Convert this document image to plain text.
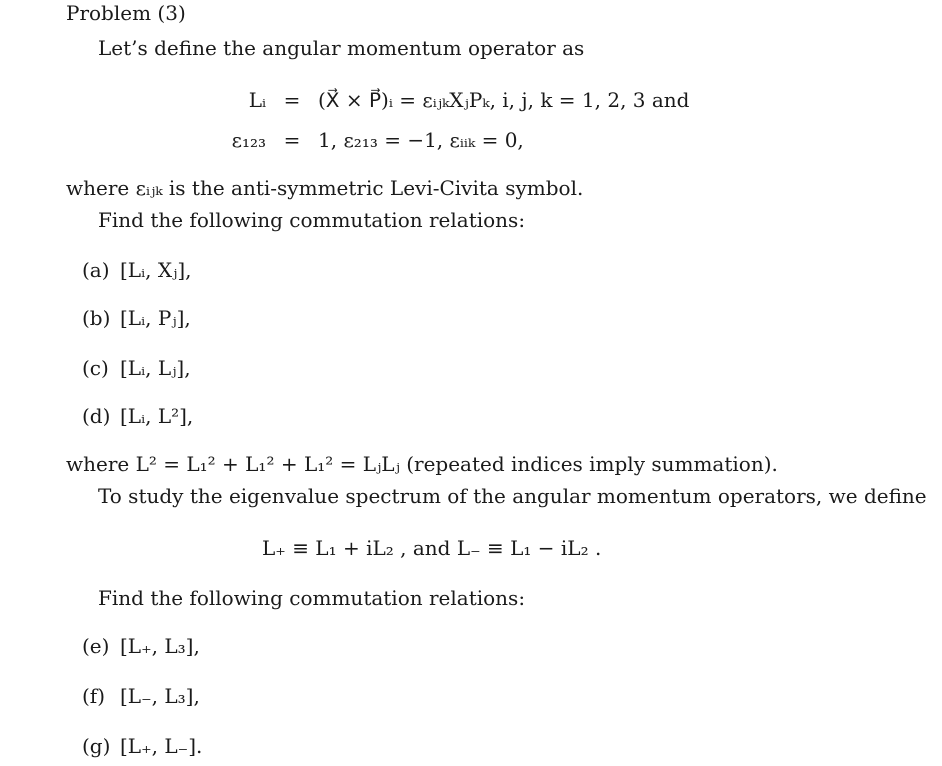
Problem (3)
Let’s define the angular momentum operator as
Lᵢ = (X⃗ × P⃗)ᵢ = εᵢⱼₖXⱼPₖ, i, j, k = 1, 2, 3 and
ε₁₂₃ = 1, ε₂₁₃ = −1, εᵢᵢₖ = 0,
where εᵢⱼₖ is the anti-symmetric Levi-Civita symbol.
Find the following commutation relations:
(a) [Lᵢ, Xⱼ],
(b) [Lᵢ, Pⱼ],
(c) [Lᵢ, Lⱼ],
(d) [Lᵢ, L²],
where L² = L₁² + L₁² + L₁² = LⱼLⱼ (repeated indices imply summation).
To study the eigenvalue spectrum of the angular momentum operators, we define
L₊ ≡ L₁ + iL₂ , and L₋ ≡ L₁ − iL₂ .
Find the following commutation relations:
(e) [L₊, L₃],
(f) [L₋, L₃],
(g) [L₊, L₋].
